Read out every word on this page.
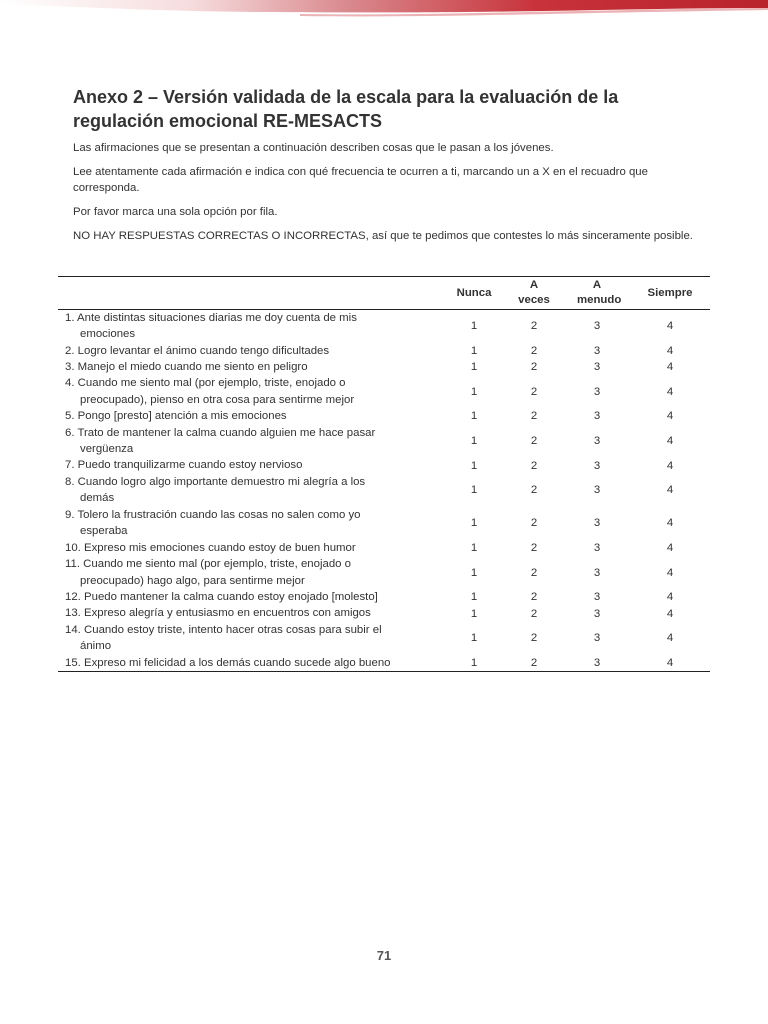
Anexo 2 – Versión validada de la escala para la evaluación de la regulación emocional RE-MESACTS

Las afirmaciones que se presentan a continuación describen cosas que le pasan a los jóvenes.

Lee atentamente cada afirmación e indica con qué frecuencia te ocurren a ti, marcando un a X en el recuadro que corresponda.

Por favor marca una sola opción por fila.

NO HAY RESPUESTAS CORRECTAS O INCORRECTAS, así que te pedimos que contestes lo más sinceramente posible.

	Nunca	A veces	A menudo	Siempre
1. Ante distintas situaciones diarias me doy cuenta de mis
emociones	1	2	3	4
2. Logro levantar el ánimo cuando tengo dificultades	1	2	3	4
3. Manejo el miedo cuando me siento en peligro	1	2	3	4
4. Cuando me siento mal (por ejemplo, triste, enojado o
preocupado), pienso en otra cosa para sentirme mejor	1	2	3	4
5. Pongo [presto] atención a mis emociones	1	2	3	4
6. Trato de mantener la calma cuando alguien me hace pasar
vergüenza	1	2	3	4
7. Puedo tranquilizarme cuando estoy nervioso	1	2	3	4
8. Cuando logro algo importante demuestro mi alegría a los
demás	1	2	3	4
9. Tolero la frustración cuando las cosas no salen como yo
esperaba	1	2	3	4
10. Expreso mis emociones cuando estoy de buen humor	1	2	3	4
11. Cuando me siento mal (por ejemplo, triste, enojado o
preocupado) hago algo, para sentirme mejor	1	2	3	4
12. Puedo mantener la calma cuando estoy enojado [molesto]	1	2	3	4
13. Expreso alegría y entusiasmo en encuentros con amigos	1	2	3	4
14. Cuando estoy triste, intento hacer otras cosas para subir el
ánimo	1	2	3	4
15. Expreso mi felicidad a los demás cuando sucede algo bueno	1	2	3	4
71
